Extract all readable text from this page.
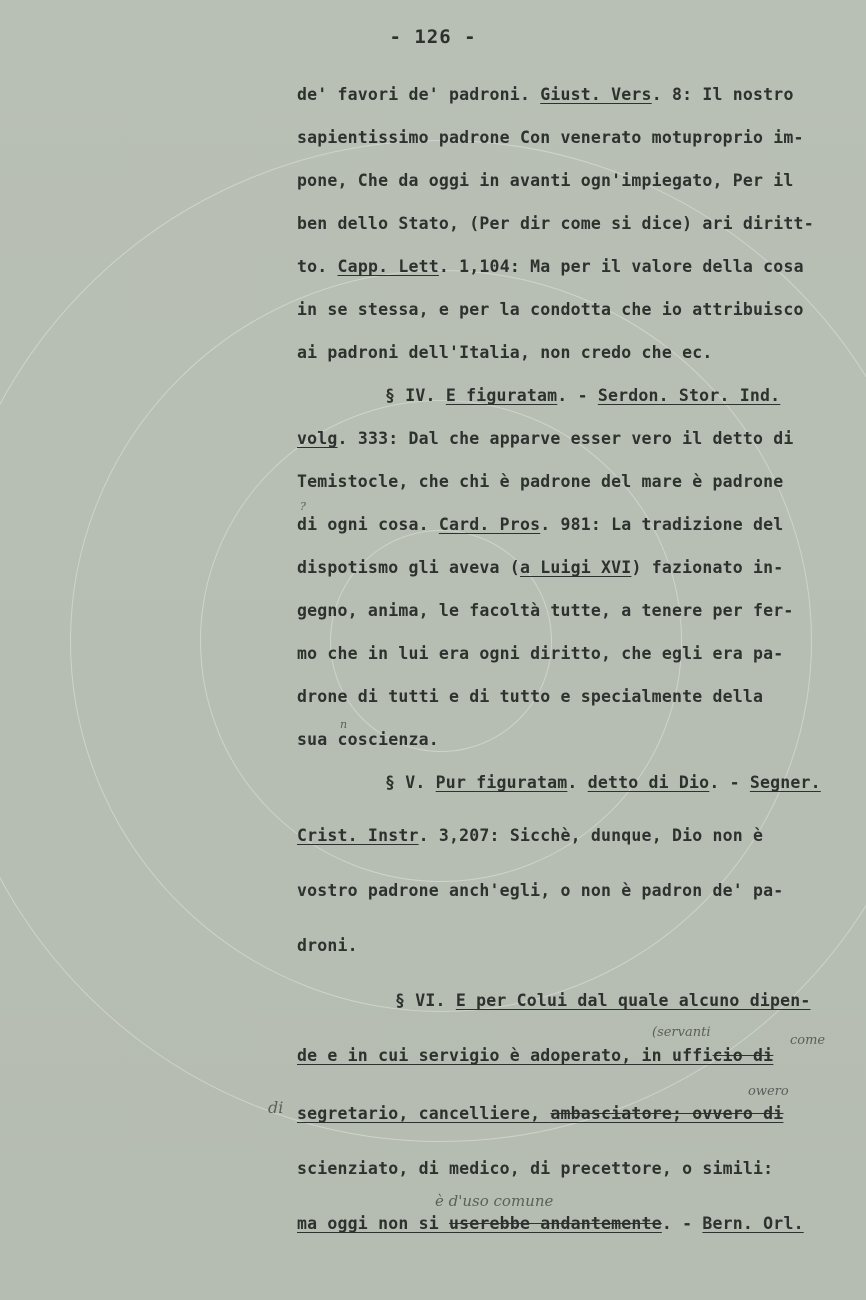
- 126 -
de' favori de' padroni. Giust. Vers. 8: Il nostro
sapientissimo padrone Con venerato motuproprio im-
pone, Che da oggi in avanti ogn'impiegato, Per il
ben dello Stato, (Per dir come si dice) ari diritt-
to. Capp. Lett. 1,104: Ma per il valore della cosa
in se stessa, e per la condotta che io attribuisco
ai padroni dell'Italia, non credo che ec.
§ IV. E figuratam. - Serdon. Stor. Ind.
volg. 333: Dal che apparve esser vero il detto di
Temistocle, che chi è padrone del mare è padrone
di ogni cosa. Card. Pros. 981: La tradizione del
dispotismo gli aveva (a Luigi XVI) fazionato in-
gegno, anima, le facoltà tutte, a tenere per fer-
mo che in lui era ogni diritto, che egli era pa-
drone di tutti e di tutto e specialmente della
sua coscienza.
§ V. Pur figuratam. detto di Dio. - Segner.
Crist. Instr. 3,207: Sicchè, dunque, Dio non è
vostro padrone anch'egli, o non è padron de' pa-
droni.
§ VI. E per Colui dal quale alcuno dipen-
de e in cui servigio è adoperato, in ufficio di
segretario, cancelliere, ambasciatore; ovvero di
scienziato, di medico, di precettore, o simili:
ma oggi non si userebbe andantemente. - Bern. Orl.
(servanti
come
owero
è d'uso comune
di
?
n
